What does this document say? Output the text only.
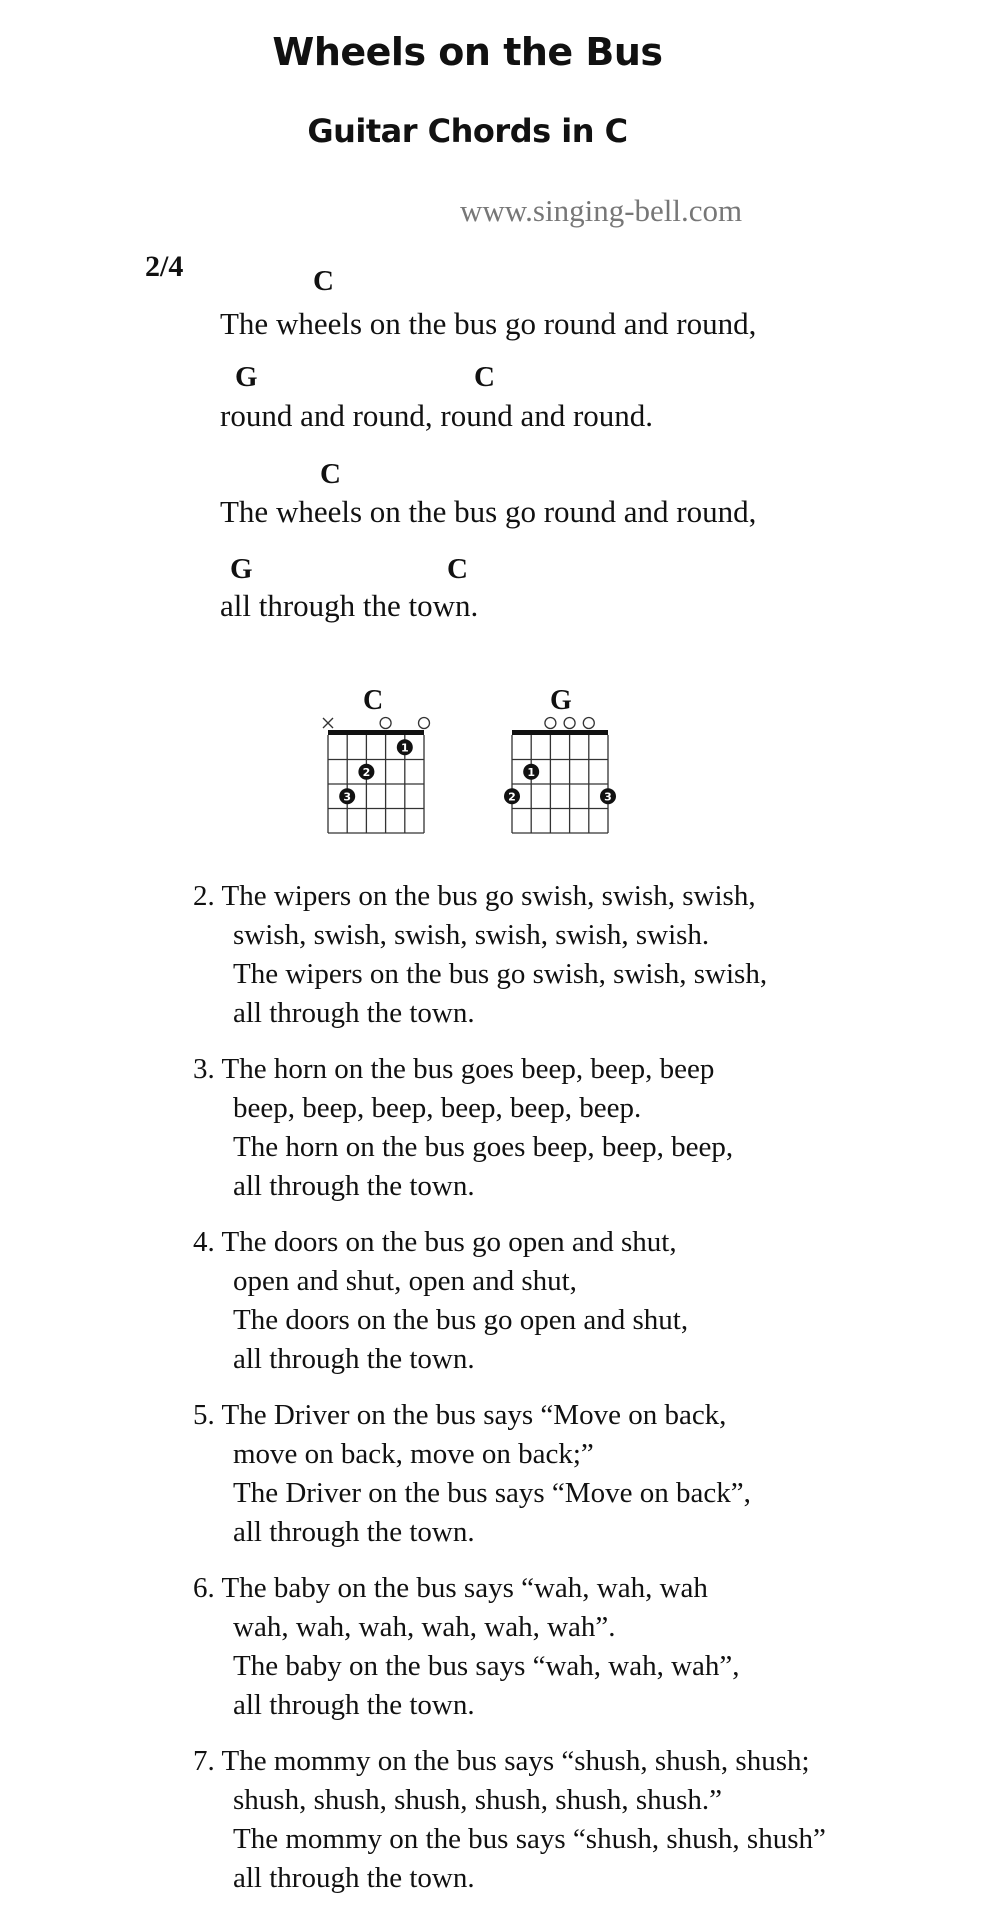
Wheels on the Bus
Guitar Chords in C
www.singing-bell.com
2/4	C
The wheels on the bus go round and round,
G	C
round and round, round and round.
C
The wheels on the bus go round and round,
G	C
all through the town.
C	G
1
2
3
1
2	3
2. The wipers on the bus go swish, swish, swish,
swish, swish, swish, swish, swish, swish.
The wipers on the bus go swish, swish, swish,
all through the town.
3. The horn on the bus goes beep, beep, beep
beep, beep, beep, beep, beep, beep.
The horn on the bus goes beep, beep, beep,
all through the town.
4. The doors on the bus go open and shut,
open and shut, open and shut,
The doors on the bus go open and shut,
all through the town.
5. The Driver on the bus says “Move on back,
move on back, move on back;”
The Driver on the bus says “Move on back”,
all through the town.
6. The baby on the bus says “wah, wah, wah
wah, wah, wah, wah, wah, wah”.
The baby on the bus says “wah, wah, wah”,
all through the town.
7. The mommy on the bus says “shush, shush, shush;
shush, shush, shush, shush, shush, shush.”
The mommy on the bus says “shush, shush, shush”
all through the town.
